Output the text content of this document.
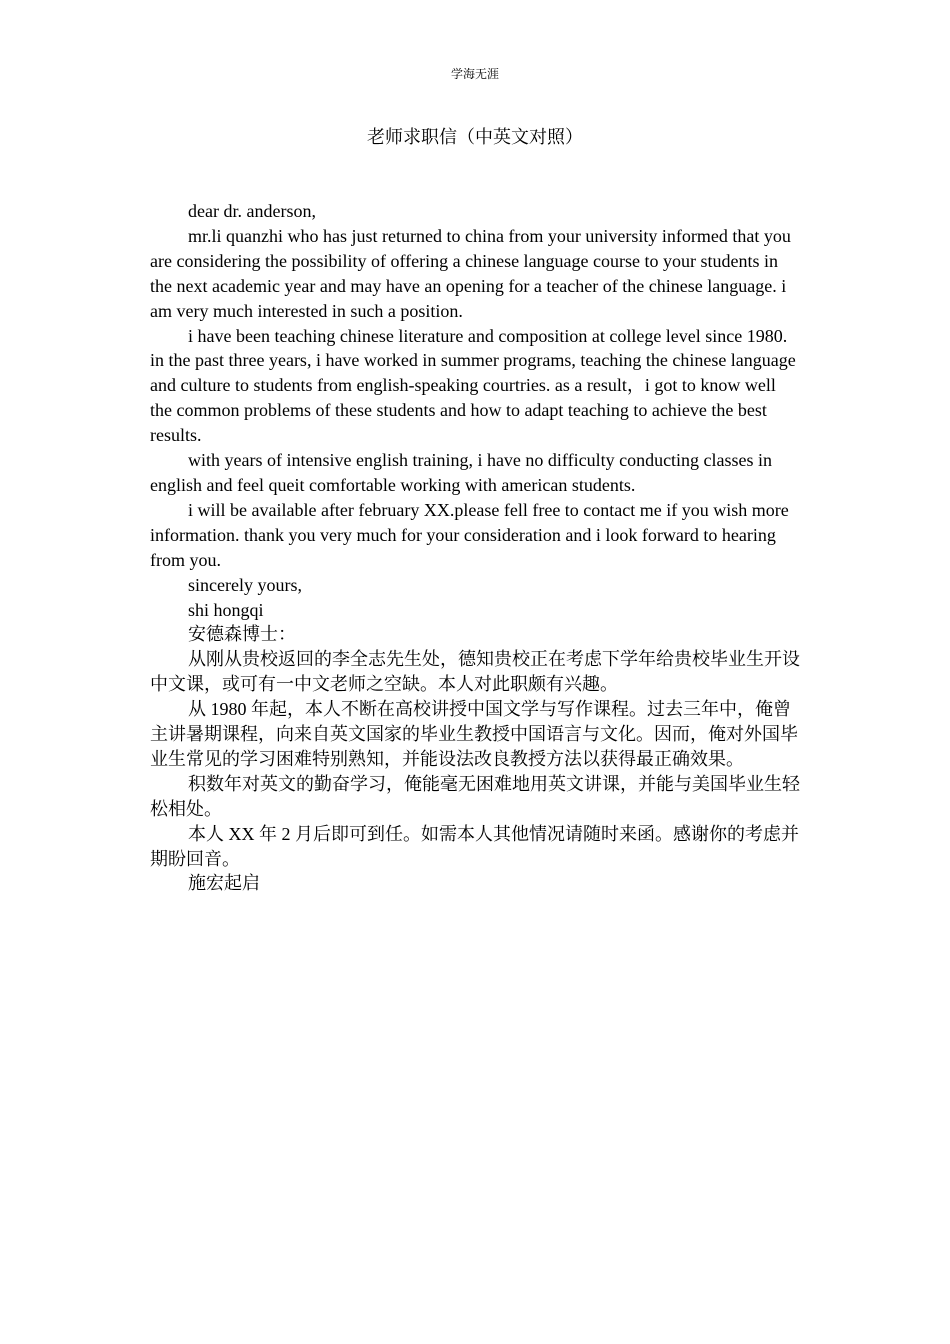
学海无涯
老师求职信（中英文对照）

dear dr. anderson,

mr.li quanzhi who has just returned to china from your university informed that you are considering the possibility of offering a chinese language course to your students in the next academic year and may have an opening for a teacher of the chinese language. i am very much interested in such a position.

i have been teaching chinese literature and composition at college level since 1980. in the past three years, i have worked in summer programs, teaching the chinese language and culture to students from english-speaking courtries. as a result，i got to know well the common problems of these students and how to adapt teaching to achieve the best results.

with years of intensive english training, i have no difficulty conducting classes in english and feel queit comfortable working with american students.

i will be available after february XX.please fell free to contact me if you wish more information. thank you very much for your consideration and i look forward to hearing from you.

sincerely yours,

shi hongqi

安德森博士：

从刚从贵校返回的李全志先生处，德知贵校正在考虑下学年给贵校毕业生开设中文课，或可有一中文老师之空缺。本人对此职颇有兴趣。

从 1980 年起，本人不断在高校讲授中国文学与写作课程。过去三年中，俺曾主讲暑期课程，向来自英文国家的毕业生教授中国语言与文化。因而，俺对外国毕业生常见的学习困难特别熟知，并能设法改良教授方法以获得最正确效果。

积数年对英文的勤奋学习，俺能毫无困难地用英文讲课，并能与美国毕业生轻松相处。

本人 XX 年 2 月后即可到任。如需本人其他情况请随时来函。感谢你的考虑并期盼回音。

施宏起启
